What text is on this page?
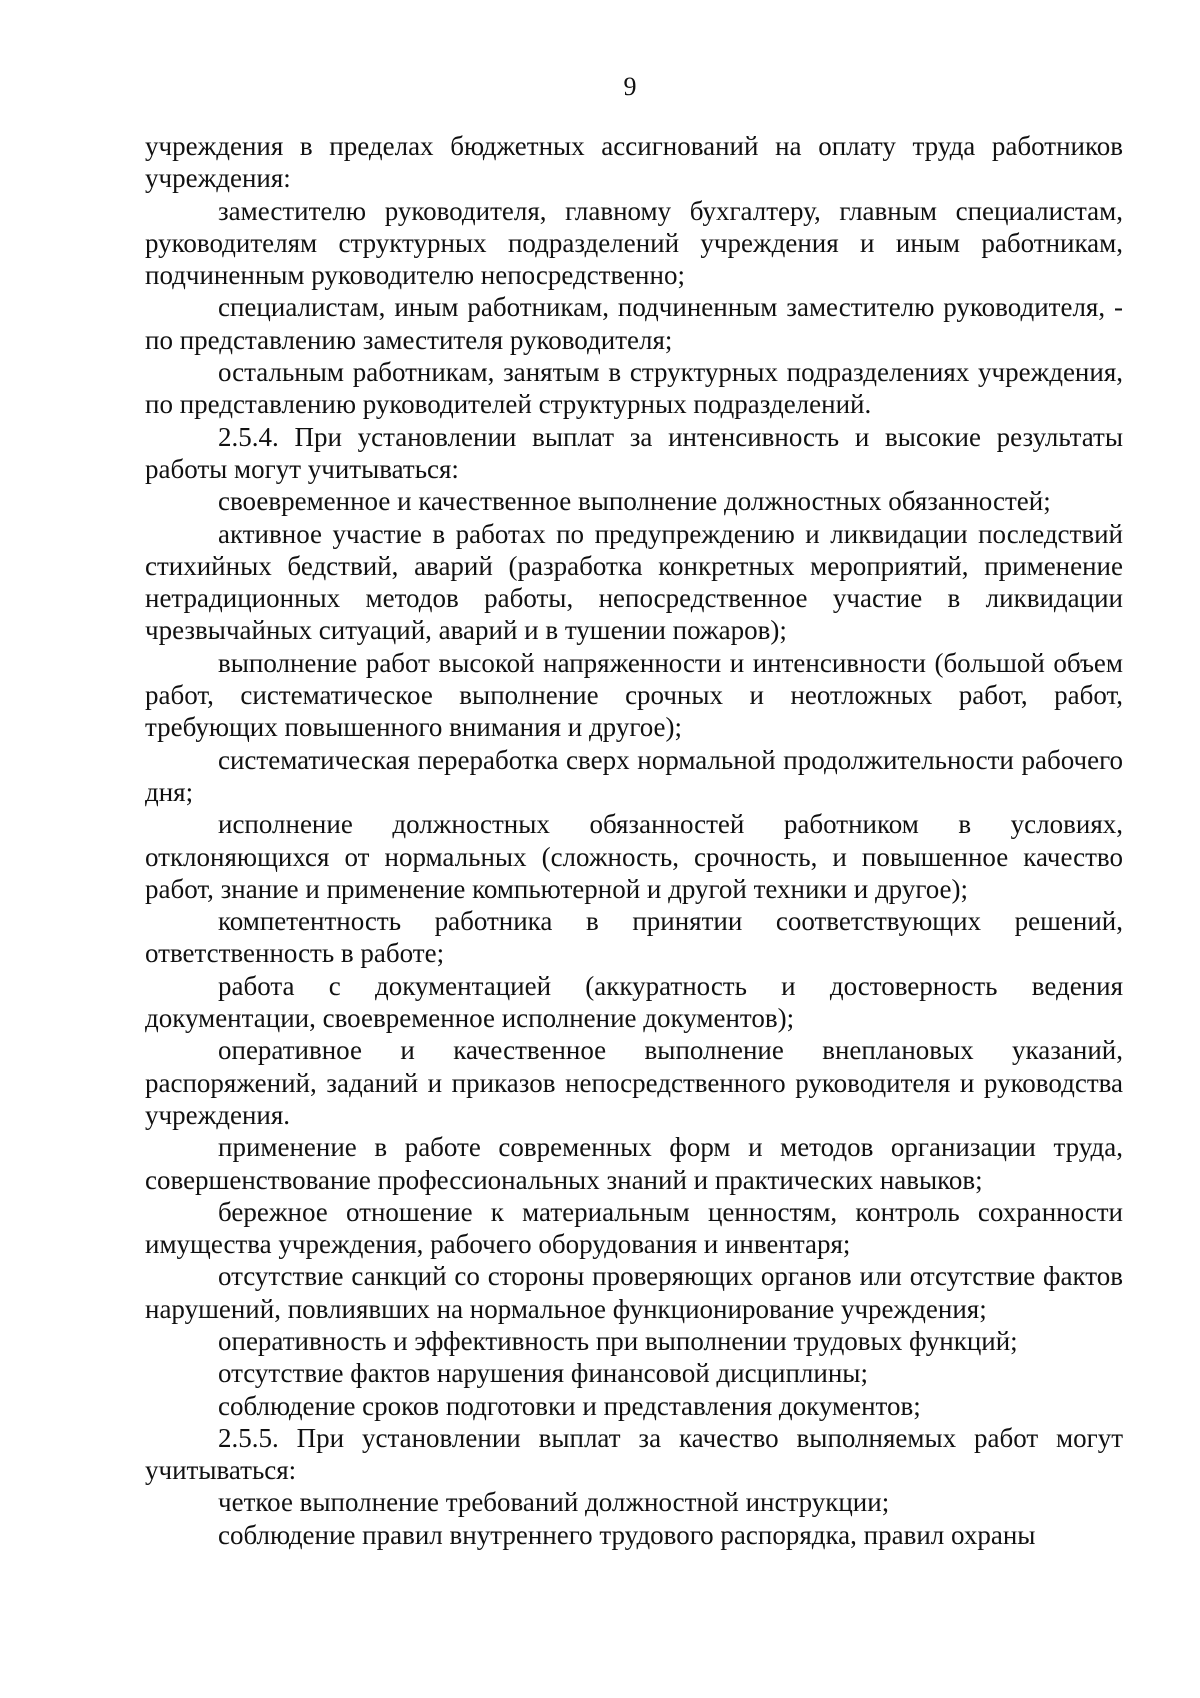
9

учреждения в пределах бюджетных ассигнований на оплату труда работников учреждения:

заместителю руководителя, главному бухгалтеру, главным специалистам, руководителям структурных подразделений учреждения и иным работникам, подчиненным руководителю непосредственно;

специалистам, иным работникам, подчиненным заместителю руководителя, - по представлению заместителя руководителя;

остальным работникам, занятым в структурных подразделениях учреждения, по представлению руководителей структурных подразделений.

2.5.4. При установлении выплат за интенсивность и высокие результаты работы могут учитываться:

своевременное и качественное выполнение должностных обязанностей;

активное участие в работах по предупреждению и ликвидации последствий стихийных бедствий, аварий (разработка конкретных мероприятий, применение нетрадиционных методов работы, непосредственное участие в ликвидации чрезвычайных ситуаций, аварий и в тушении пожаров);

выполнение работ высокой напряженности и интенсивности (большой объем работ, систематическое выполнение срочных и неотложных работ, работ, требующих повышенного внимания и другое);

систематическая переработка сверх нормальной продолжительности рабочего дня;

исполнение должностных обязанностей работником в условиях, отклоняющихся от нормальных (сложность, срочность, и повышенное качество работ, знание и применение компьютерной и другой техники и другое);

компетентность работника в принятии соответствующих решений, ответственность в работе;

работа с документацией (аккуратность и достоверность ведения документации, своевременное исполнение документов);

оперативное и качественное выполнение внеплановых указаний, распоряжений, заданий и приказов непосредственного руководителя и руководства учреждения.

применение в работе современных форм и методов организации труда, совершенствование профессиональных знаний и практических навыков;

бережное отношение к материальным ценностям, контроль сохранности имущества учреждения, рабочего оборудования и инвентаря;

отсутствие санкций со стороны проверяющих органов или отсутствие фактов нарушений, повлиявших на нормальное функционирование учреждения;

оперативность и эффективность при выполнении трудовых функций;

отсутствие фактов нарушения финансовой дисциплины;

соблюдение сроков подготовки и представления документов;

2.5.5. При установлении выплат за качество выполняемых работ могут учитываться:

четкое выполнение требований должностной инструкции;

соблюдение правил внутреннего трудового распорядка, правил охраны
